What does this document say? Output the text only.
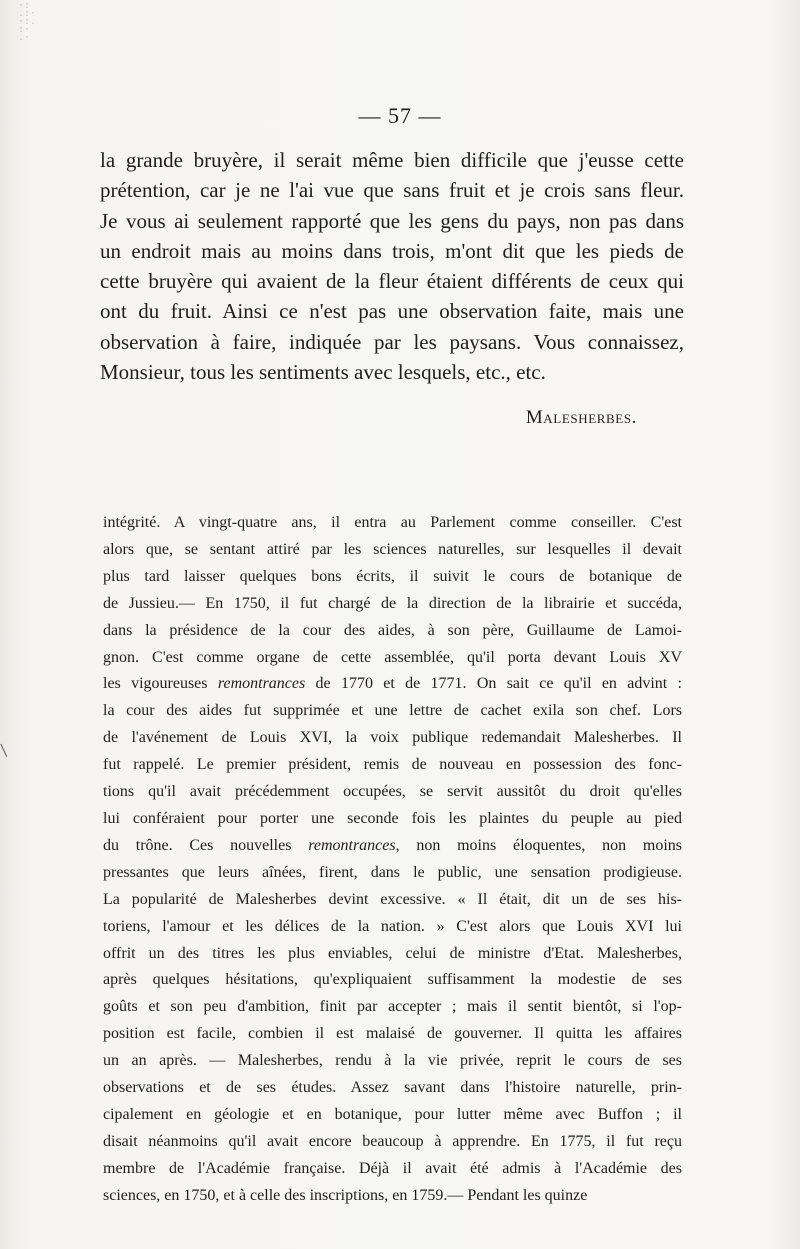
·:
.:·
·:.
:·
.·
— 57 —
la grande bruyère, il serait même bien difficile que j'eusse cette
prétention, car je ne l'ai vue que sans fruit et je crois sans fleur.
Je vous ai seulement rapporté que les gens du pays, non pas dans
un endroit mais au moins dans trois, m'ont dit que les pieds de
cette bruyère qui avaient de la fleur étaient différents de ceux qui
ont du fruit. Ainsi ce n'est pas une observation faite, mais une
observation à faire, indiquée par les paysans. Vous connaissez,
Monsieur, tous les sentiments avec lesquels, etc., etc.
Malesherbes.
intégrité. A vingt-quatre ans, il entra au Parlement comme conseiller. C'est
alors que, se sentant attiré par les sciences naturelles, sur lesquelles il devait
plus tard laisser quelques bons écrits, il suivit le cours de botanique de
de Jussieu.— En 1750, il fut chargé de la direction de la librairie et succéda,
dans la présidence de la cour des aides, à son père, Guillaume de Lamoi-
gnon. C'est comme organe de cette assemblée, qu'il porta devant Louis XV
les vigoureuses remontrances de 1770 et de 1771. On sait ce qu'il en advint :
la cour des aides fut supprimée et une lettre de cachet exila son chef. Lors
de l'avénement de Louis XVI, la voix publique redemandait Malesherbes. Il
fut rappelé. Le premier président, remis de nouveau en possession des fonc-
tions qu'il avait précédemment occupées, se servit aussitôt du droit qu'elles
lui conféraient pour porter une seconde fois les plaintes du peuple au pied
du trône. Ces nouvelles remontrances, non moins éloquentes, non moins
pressantes que leurs aînées, firent, dans le public, une sensation prodigieuse.
La popularité de Malesherbes devint excessive. « Il était, dit un de ses his-
toriens, l'amour et les délices de la nation. » C'est alors que Louis XVI lui
offrit un des titres les plus enviables, celui de ministre d'Etat. Malesherbes,
après quelques hésitations, qu'expliquaient suffisamment la modestie de ses
goûts et son peu d'ambition, finit par accepter ; mais il sentit bientôt, si l'op-
position est facile, combien il est malaisé de gouverner. Il quitta les affaires
un an après. — Malesherbes, rendu à la vie privée, reprit le cours de ses
observations et de ses études. Assez savant dans l'histoire naturelle, prin-
cipalement en géologie et en botanique, pour lutter même avec Buffon ; il
disait néanmoins qu'il avait encore beaucoup à apprendre. En 1775, il fut reçu
membre de l'Académie française. Déjà il avait été admis à l'Académie des
sciences, en 1750, et à celle des inscriptions, en 1759.— Pendant les quinze
